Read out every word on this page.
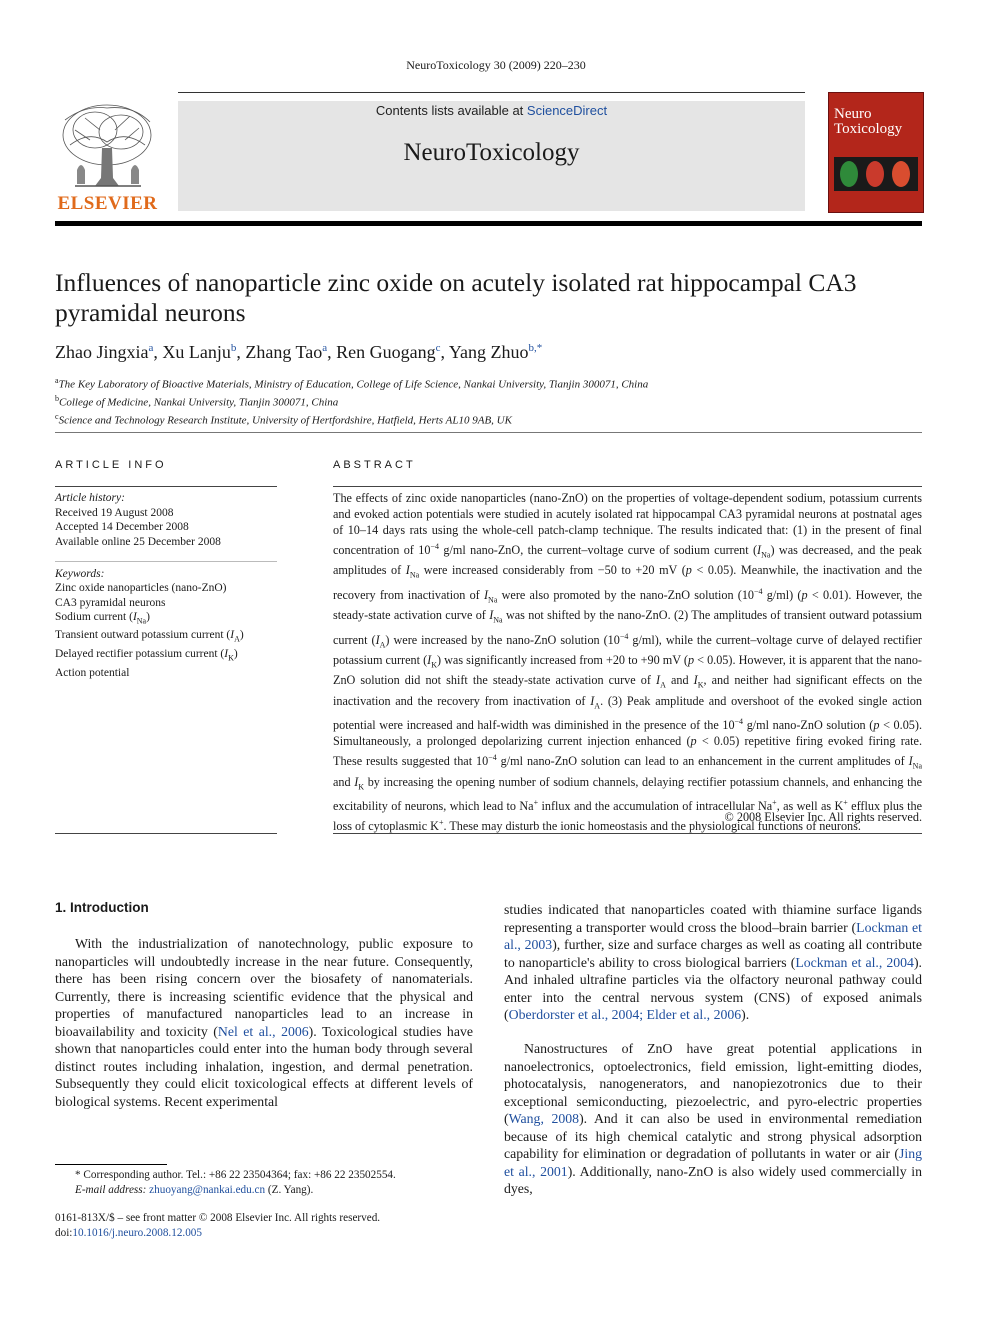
NeuroToxicology 30 (2009) 220–230
ELSEVIER
Contents lists available at ScienceDirect
NeuroToxicology
Neuro
Toxicology
Influences of nanoparticle zinc oxide on acutely isolated rat hippocampal CA3 pyramidal neurons
Zhao Jingxia$^a$, Xu Lanju$^b$, Zhang Tao$^a$, Ren Guogang$^c$, Yang Zhuo$^{b,*}$
$^a$The Key Laboratory of Bioactive Materials, Ministry of Education, College of Life Science, Nankai University, Tianjin 300071, China
$^b$College of Medicine, Nankai University, Tianjin 300071, China
$^c$Science and Technology Research Institute, University of Hertfordshire, Hatfield, Herts AL10 9AB, UK
ARTICLE INFO	ABSTRACT
Article history:
Received 19 August 2008
Accepted 14 December 2008
Available online 25 December 2008
Keywords:
Zinc oxide nanoparticles (nano-ZnO)
CA3 pyramidal neurons
Sodium current $(I_{Na})$
Transient outward potassium current $(I_A)$
Delayed rectifier potassium current $(I_K)$
Action potential
The effects of zinc oxide nanoparticles (nano-ZnO) on the properties of voltage-dependent sodium, potassium currents and evoked action potentials were studied in acutely isolated rat hippocampal CA3 pyramidal neurons at postnatal ages of 10–14 days rats using the whole-cell patch-clamp technique. The results indicated that: (1) in the present of final concentration of $10^{-4}$ g/ml nano-ZnO, the current–voltage curve of sodium current $(I_{Na})$ was decreased, and the peak amplitudes of $I_{Na}$ were increased considerably from −50 to +20 mV (p < 0.05). Meanwhile, the inactivation and the recovery from inactivation of $I_{Na}$ were also promoted by the nano-ZnO solution ($10^{-4}$ g/ml) (p < 0.01). However, the steady-state activation curve of $I_{Na}$ was not shifted by the nano-ZnO. (2) The amplitudes of transient outward potassium current $(I_A)$ were increased by the nano-ZnO solution ($10^{-4}$ g/ml), while the current–voltage curve of delayed rectifier potassium current $(I_K)$ was significantly increased from +20 to +90 mV (p < 0.05). However, it is apparent that the nano-ZnO solution did not shift the steady-state activation curve of $I_A$ and $I_K$, and neither had significant effects on the inactivation and the recovery from inactivation of $I_A$. (3) Peak amplitude and overshoot of the evoked single action potential were increased and half-width was diminished in the presence of the $10^{-4}$ g/ml nano-ZnO solution (p < 0.05). Simultaneously, a prolonged depolarizing current injection enhanced (p < 0.05) repetitive firing evoked firing rate. These results suggested that $10^{-4}$ g/ml nano-ZnO solution can lead to an enhancement in the current amplitudes of $I_{Na}$ and $I_K$ by increasing the opening number of sodium channels, delaying rectifier potassium channels, and enhancing the excitability of neurons, which lead to Na+ influx and the accumulation of intracellular Na+, as well as K+ efflux plus the loss of cytoplasmic K+. These may disturb the ionic homeostasis and the physiological functions of neurons.
© 2008 Elsevier Inc. All rights reserved.
1. Introduction
With the industrialization of nanotechnology, public exposure to nanoparticles will undoubtedly increase in the near future. Consequently, there has been rising concern over the biosafety of nanomaterials. Currently, there is increasing scientific evidence that the physical and properties of manufactured nanoparticles lead to an increase in bioavailability and toxicity (Nel et al., 2006). Toxicological studies have shown that nanoparticles could enter into the human body through several distinct routes including inhalation, ingestion, and dermal penetration. Subsequently they could elicit toxicological effects at different levels of biological systems. Recent experimental
studies indicated that nanoparticles coated with thiamine surface ligands representing a transporter would cross the blood–brain barrier (Lockman et al., 2003), further, size and surface charges as well as coating all contribute to nanoparticle's ability to cross biological barriers (Lockman et al., 2004). And inhaled ultrafine particles via the olfactory neuronal pathway could enter into the central nervous system (CNS) of exposed animals (Oberdorster et al., 2004; Elder et al., 2006).
Nanostructures of ZnO have great potential applications in nanoelectronics, optoelectronics, field emission, light-emitting diodes, photocatalysis, nanogenerators, and nanopiezotronics due to their exceptional semiconducting, piezoelectric, and pyro-electric properties (Wang, 2008). And it can also be used in environmental remediation because of its high chemical catalytic and strong physical adsorption capability for elimination or degradation of pollutants in water or air (Jing et al., 2001). Additionally, nano-ZnO is also widely used commercially in dyes,
* Corresponding author. Tel.: +86 22 23504364; fax: +86 22 23502554.
E-mail address: zhuoyang@nankai.edu.cn (Z. Yang).
0161-813X/$ – see front matter © 2008 Elsevier Inc. All rights reserved.
doi:10.1016/j.neuro.2008.12.005
